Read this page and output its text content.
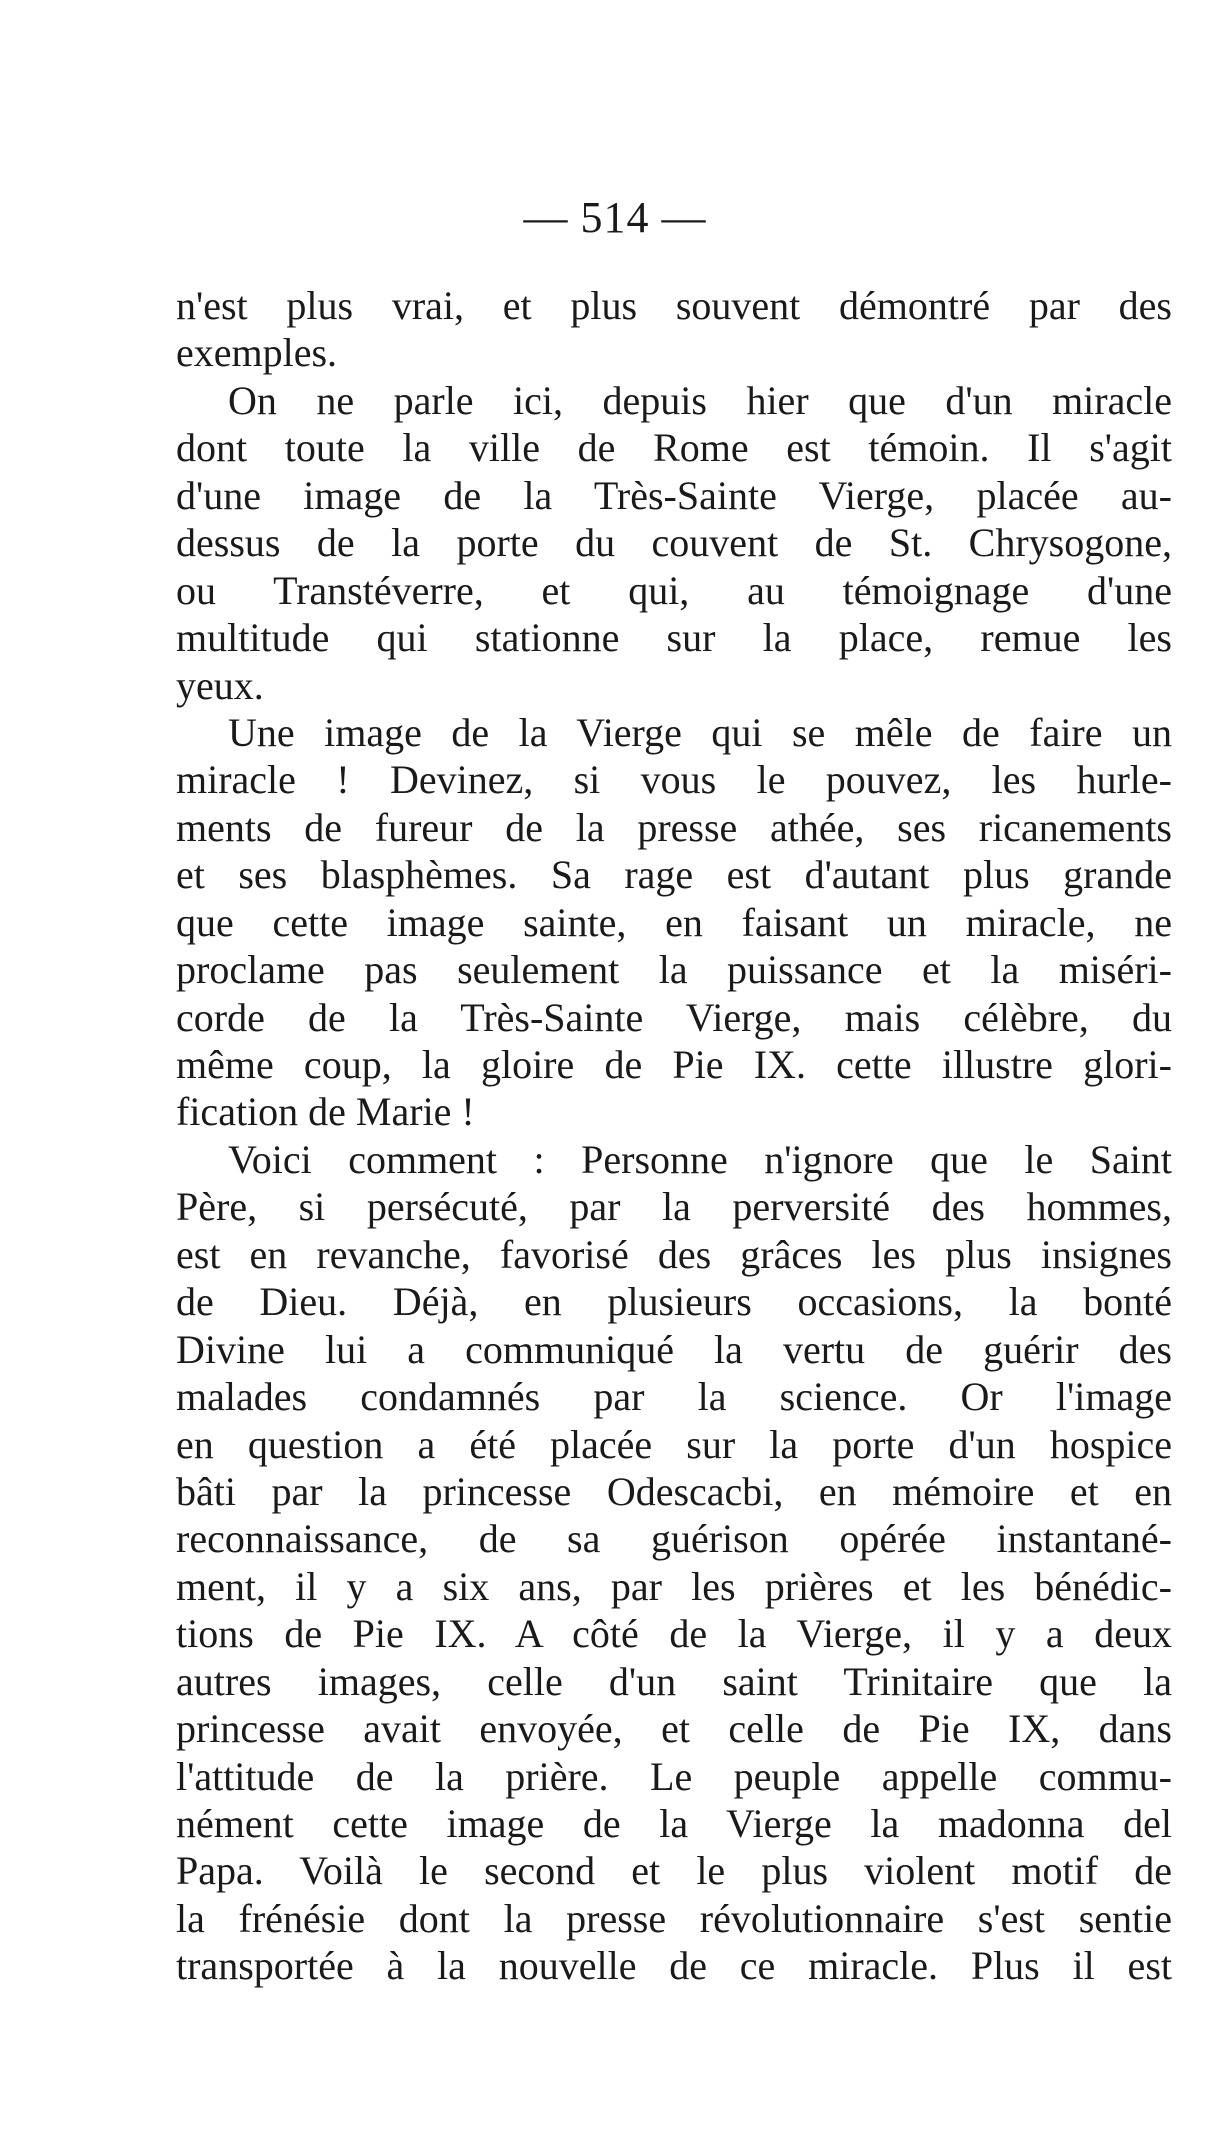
— 514 —
n'est plus vrai, et plus souvent démontré par des
exemples.
On ne parle ici, depuis hier que d'un miracle
dont toute la ville de Rome est témoin. Il s'agit
d'une image de la Très-Sainte Vierge, placée au-
dessus de la porte du couvent de St. Chrysogone,
ou Transtéverre, et qui, au témoignage d'une
multitude qui stationne sur la place, remue les
yeux.
Une image de la Vierge qui se mêle de faire un
miracle ! Devinez, si vous le pouvez, les hurle-
ments de fureur de la presse athée, ses ricanements
et ses blasphèmes. Sa rage est d'autant plus grande
que cette image sainte, en faisant un miracle, ne
proclame pas seulement la puissance et la miséri-
corde de la Très-Sainte Vierge, mais célèbre, du
même coup, la gloire de Pie IX. cette illustre glori-
fication de Marie !
Voici comment : Personne n'ignore que le Saint
Père, si persécuté, par la perversité des hommes,
est en revanche, favorisé des grâces les plus insignes
de Dieu. Déjà, en plusieurs occasions, la bonté
Divine lui a communiqué la vertu de guérir des
malades condamnés par la science. Or l'image
en question a été placée sur la porte d'un hospice
bâti par la princesse Odescacbi, en mémoire et en
reconnaissance, de sa guérison opérée instantané-
ment, il y a six ans, par les prières et les bénédic-
tions de Pie IX. A côté de la Vierge, il y a deux
autres images, celle d'un saint Trinitaire que la
princesse avait envoyée, et celle de Pie IX, dans
l'attitude de la prière. Le peuple appelle commu-
nément cette image de la Vierge la madonna del
Papa. Voilà le second et le plus violent motif de
la frénésie dont la presse révolutionnaire s'est sentie
transportée à la nouvelle de ce miracle. Plus il est
